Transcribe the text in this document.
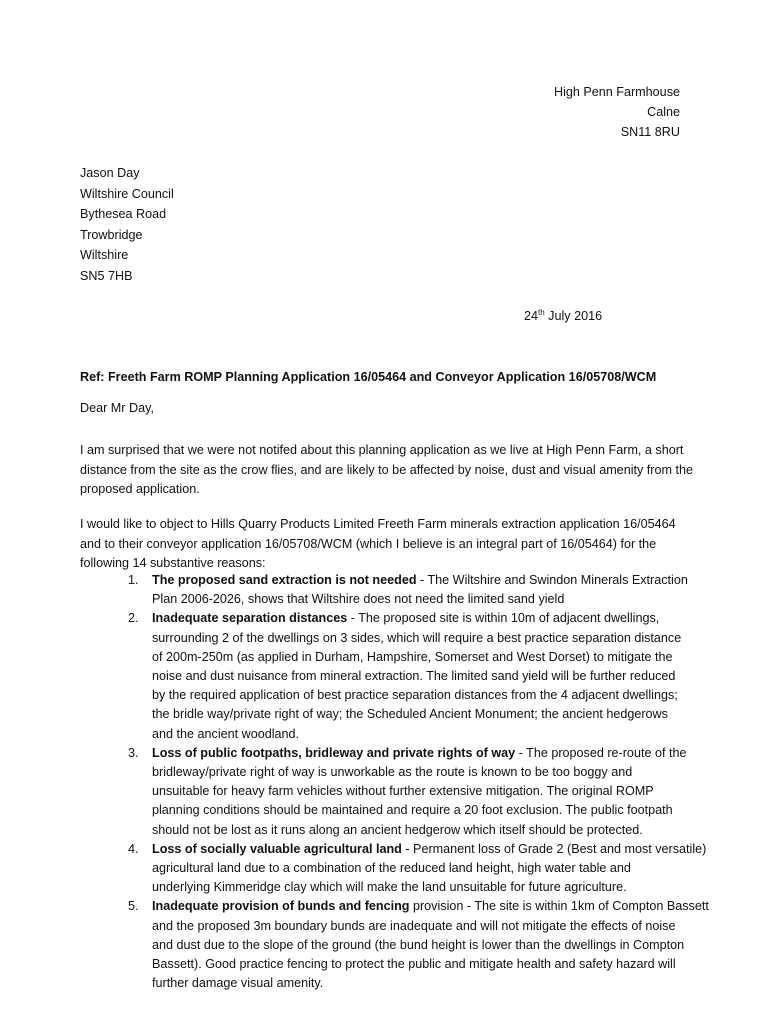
High Penn Farmhouse
Calne
SN11 8RU
Jason Day
Wiltshire Council
Bythesea Road
Trowbridge
Wiltshire
SN5 7HB
24th July 2016
Ref: Freeth Farm ROMP Planning Application 16/05464 and Conveyor Application 16/05708/WCM
Dear Mr Day,
I am surprised that we were not notifed about this planning application as we live at High Penn Farm, a short
distance from the site as the crow flies, and are likely to be affected by noise, dust and visual amenity from the
proposed application.
I would like to object to Hills Quarry Products Limited Freeth Farm minerals extraction application 16/05464
and to their conveyor application 16/05708/WCM (which I believe is an integral part of 16/05464) for the
following 14 substantive reasons:
1. The proposed sand extraction is not needed - The Wiltshire and Swindon Minerals Extraction
Plan 2006-2026, shows that Wiltshire does not need the limited sand yield
2. Inadequate separation distances - The proposed site is within 10m of adjacent dwellings,
surrounding 2 of the dwellings on 3 sides, which will require a best practice separation distance
of 200m-250m (as applied in Durham, Hampshire, Somerset and West Dorset) to mitigate the
noise and dust nuisance from mineral extraction. The limited sand yield will be further reduced
by the required application of best practice separation distances from the 4 adjacent dwellings;
the bridle way/private right of way; the Scheduled Ancient Monument; the ancient hedgerows
and the ancient woodland.
3. Loss of public footpaths, bridleway and private rights of way - The proposed re-route of the
bridleway/private right of way is unworkable as the route is known to be too boggy and
unsuitable for heavy farm vehicles without further extensive mitigation. The original ROMP
planning conditions should be maintained and require a 20 foot exclusion. The public footpath
should not be lost as it runs along an ancient hedgerow which itself should be protected.
4. Loss of socially valuable agricultural land - Permanent loss of Grade 2 (Best and most versatile)
agricultural land due to a combination of the reduced land height, high water table and
underlying Kimmeridge clay which will make the land unsuitable for future agriculture.
5. Inadequate provision of bunds and fencing provision - The site is within 1km of Compton Bassett
and the proposed 3m boundary bunds are inadequate and will not mitigate the effects of noise
and dust due to the slope of the ground (the bund height is lower than the dwellings in Compton
Bassett). Good practice fencing to protect the public and mitigate health and safety hazard will
further damage visual amenity.
